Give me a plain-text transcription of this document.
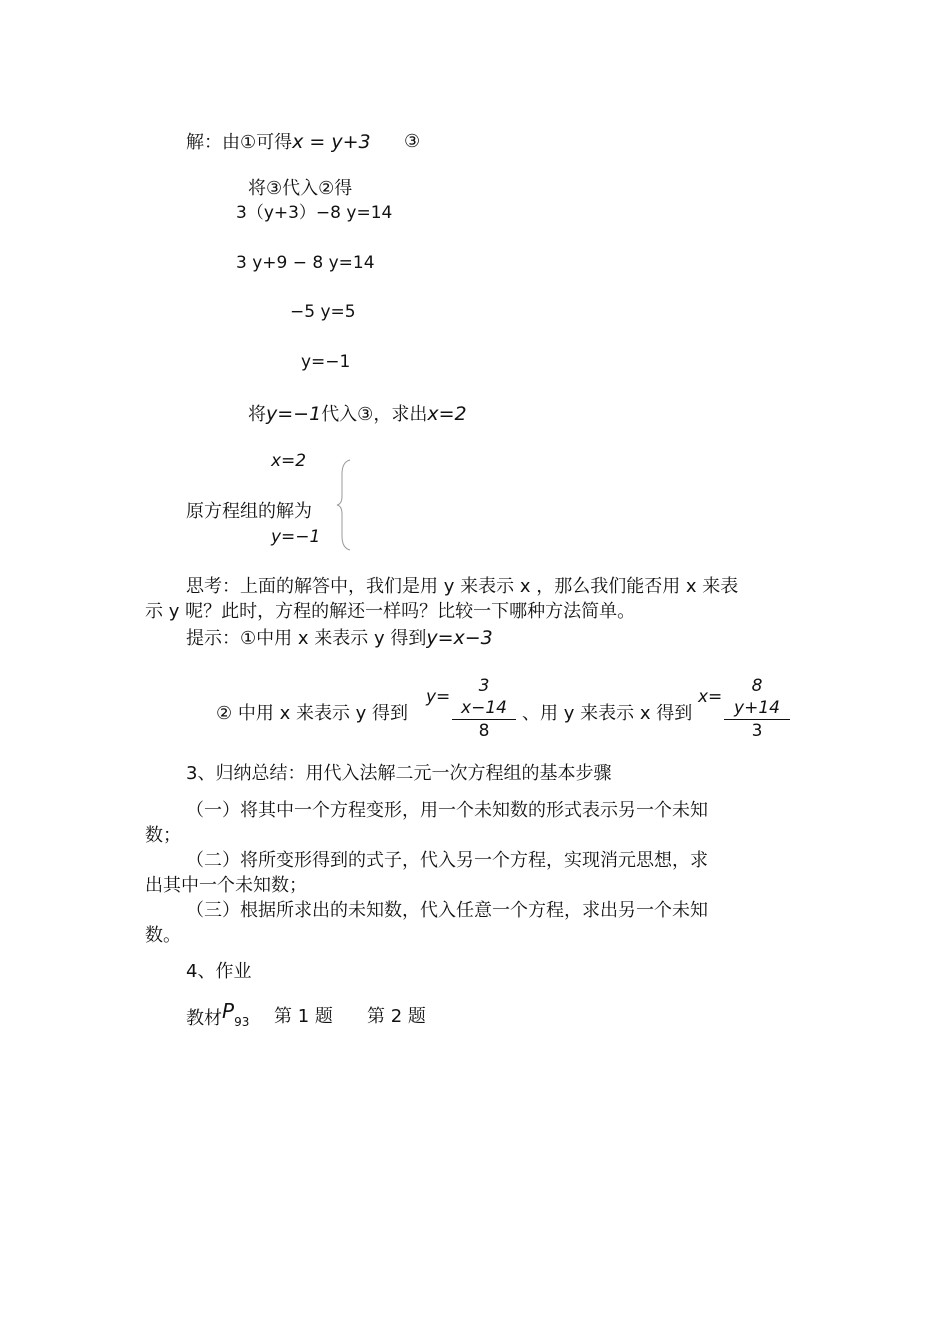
解：由①可得x = y+3 ③
将③代入②得
3（y+3）−8 y=14
3 y+9 − 8 y=14
−5 y=5
y=−1
将y=−1代入③，求出x=2
x=2
原方程组的解为
y=−1
思考：上面的解答中，我们是用 y 来表示 x ，那么我们能否用 x 来表
示 y 呢？此时，方程的解还一样吗？比较一下哪种方法简单。
提示：①中用 x 来表示 y 得到y=x−3
② 中用 x 来表示 y 得到
$y= \frac{3 x-14}{8}$ 、用 y 来表示 x 得到
$x= \frac{8 y+14}{3}$
3、归纳总结：用代入法解二元一次方程组的基本步骤
（一）将其中一个方程变形，用一个未知数的形式表示另一个未知
数；
（二）将所变形得到的式子，代入另一个方程，实现消元思想，求
出其中一个未知数；
（三）根据所求出的未知数，代入任意一个方程，求出另一个未知
数。
4、作业
教材P93 第 1 题 第 2 题
